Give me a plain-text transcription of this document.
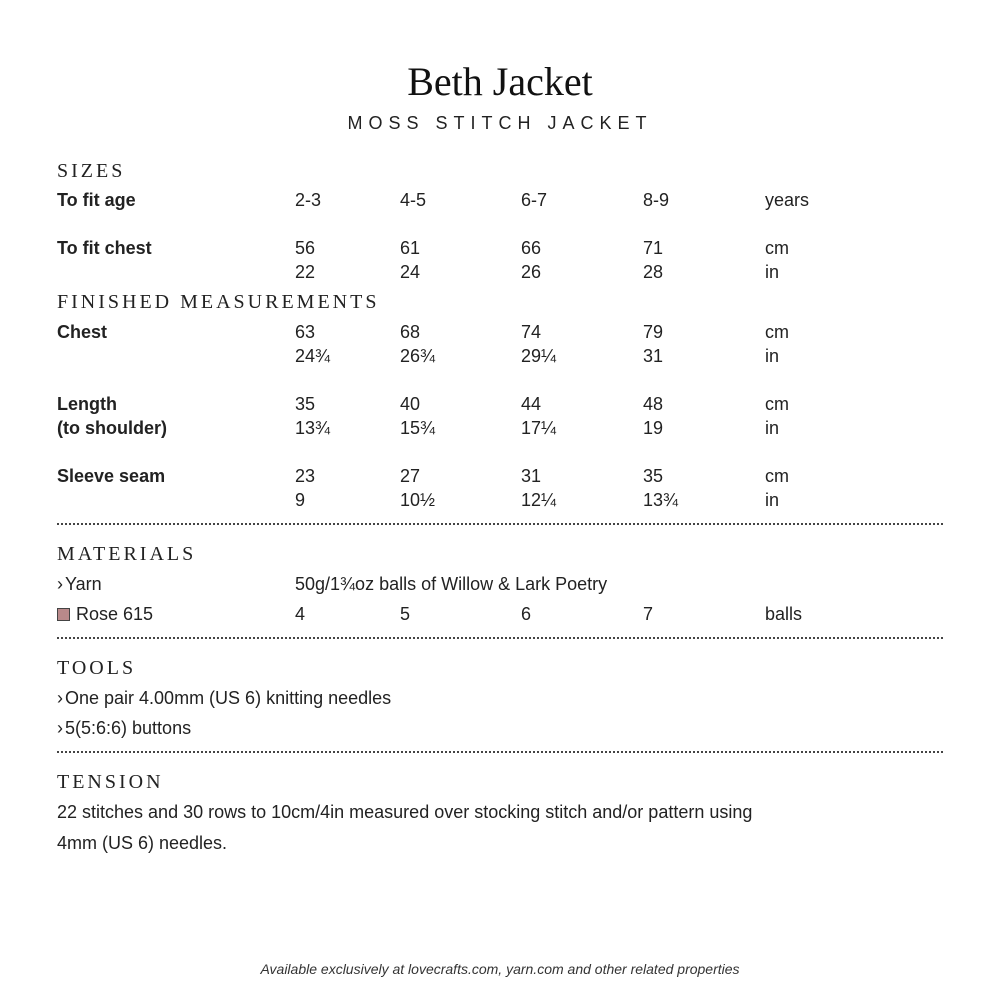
Beth Jacket
MOSS STITCH JACKET
SIZES
To fit age	2-3	4-5	6-7	8-9	years
To fit chest	56	61	66	71	cm
22	24	26	28	in
FINISHED MEASUREMENTS
Chest	63	68	74	79	cm
24¾	26¾	29¼	31	in
Length
(to shoulder)
35	40	44	48	cm
13¾	15¾	17¼	19	in
Sleeve seam	23	27	31	35	cm
9	10½	12¼	13¾	in
MATERIALS
› Yarn	50g/1¾oz balls of Willow & Lark Poetry
Rose 615	4	5	6	7	balls
TOOLS
› One pair 4.00mm (US 6) knitting needles
› 5(5:6:6) buttons
TENSION
22 stitches and 30 rows to 10cm/4in measured over stocking stitch and/or pattern using
4mm (US 6) needles.
Available exclusively at lovecrafts.com, yarn.com and other related properties
